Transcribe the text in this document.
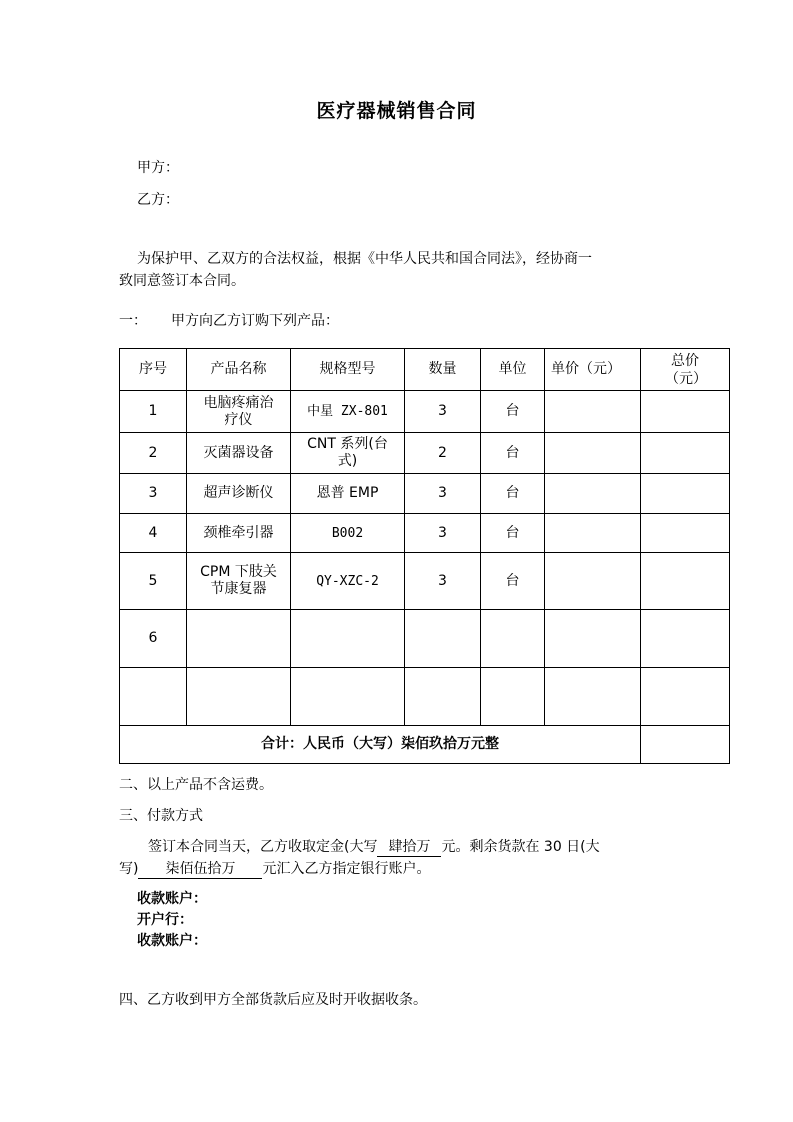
医疗器械销售合同
甲方：
乙方：
为保护甲、乙双方的合法权益，根据《中华人民共和国合同法》，经协商一
致同意签订本合同。
一： 甲方向乙方订购下列产品：
序号	产品名称	规格型号	数量	单位	单价（元）	总价（元）
1	电脑疼痛治疗仪	中星 ZX-801	3	台		
2	灭菌器设备	CNT 系列(台式)	2	台		
3	超声诊断仪	恩普 EMP	3	台		
4	颈椎牵引器	B002	3	台		
5	CPM 下肢关节康复器	QY-XZC-2	3	台		
6						

合计：人民币（大写）柒佰玖拾万元整						
二、以上产品不含运费。
三、付款方式
签订本合同当天，乙方收取定金(大写 肆拾万 元。剩余货款在 30 日(大
写) 柒佰伍拾万 元汇入乙方指定银行账户。
收款账户：
开户行：
收款账户：
四、乙方收到甲方全部货款后应及时开收据收条。
